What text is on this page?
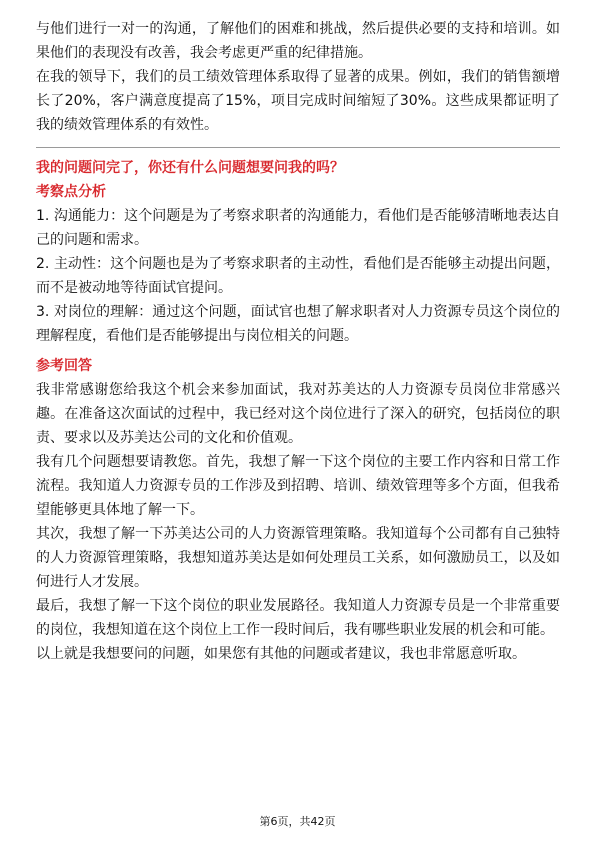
与他们进行一对一的沟通，了解他们的困难和挑战，然后提供必要的支持和培训。如果他们的表现没有改善，我会考虑更严重的纪律措施。

在我的领导下，我们的员工绩效管理体系取得了显著的成果。例如，我们的销售额增长了20%，客户满意度提高了15%，项目完成时间缩短了30%。这些成果都证明了我的绩效管理体系的有效性。

我的问题问完了，你还有什么问题想要问我的吗？
考察点分析

1. 沟通能力：这个问题是为了考察求职者的沟通能力，看他们是否能够清晰地表达自己的问题和需求。

2. 主动性：这个问题也是为了考察求职者的主动性，看他们是否能够主动提出问题，而不是被动地等待面试官提问。

3. 对岗位的理解：通过这个问题，面试官也想了解求职者对人力资源专员这个岗位的理解程度，看他们是否能够提出与岗位相关的问题。

参考回答

我非常感谢您给我这个机会来参加面试，我对苏美达的人力资源专员岗位非常感兴趣。在准备这次面试的过程中，我已经对这个岗位进行了深入的研究，包括岗位的职责、要求以及苏美达公司的文化和价值观。

我有几个问题想要请教您。首先，我想了解一下这个岗位的主要工作内容和日常工作流程。我知道人力资源专员的工作涉及到招聘、培训、绩效管理等多个方面，但我希望能够更具体地了解一下。

其次，我想了解一下苏美达公司的人力资源管理策略。我知道每个公司都有自己独特的人力资源管理策略，我想知道苏美达是如何处理员工关系，如何激励员工，以及如何进行人才发展。

最后，我想了解一下这个岗位的职业发展路径。我知道人力资源专员是一个非常重要的岗位，我想知道在这个岗位上工作一段时间后，我有哪些职业发展的机会和可能。

以上就是我想要问的问题，如果您有其他的问题或者建议，我也非常愿意听取。

第6页，共42页
